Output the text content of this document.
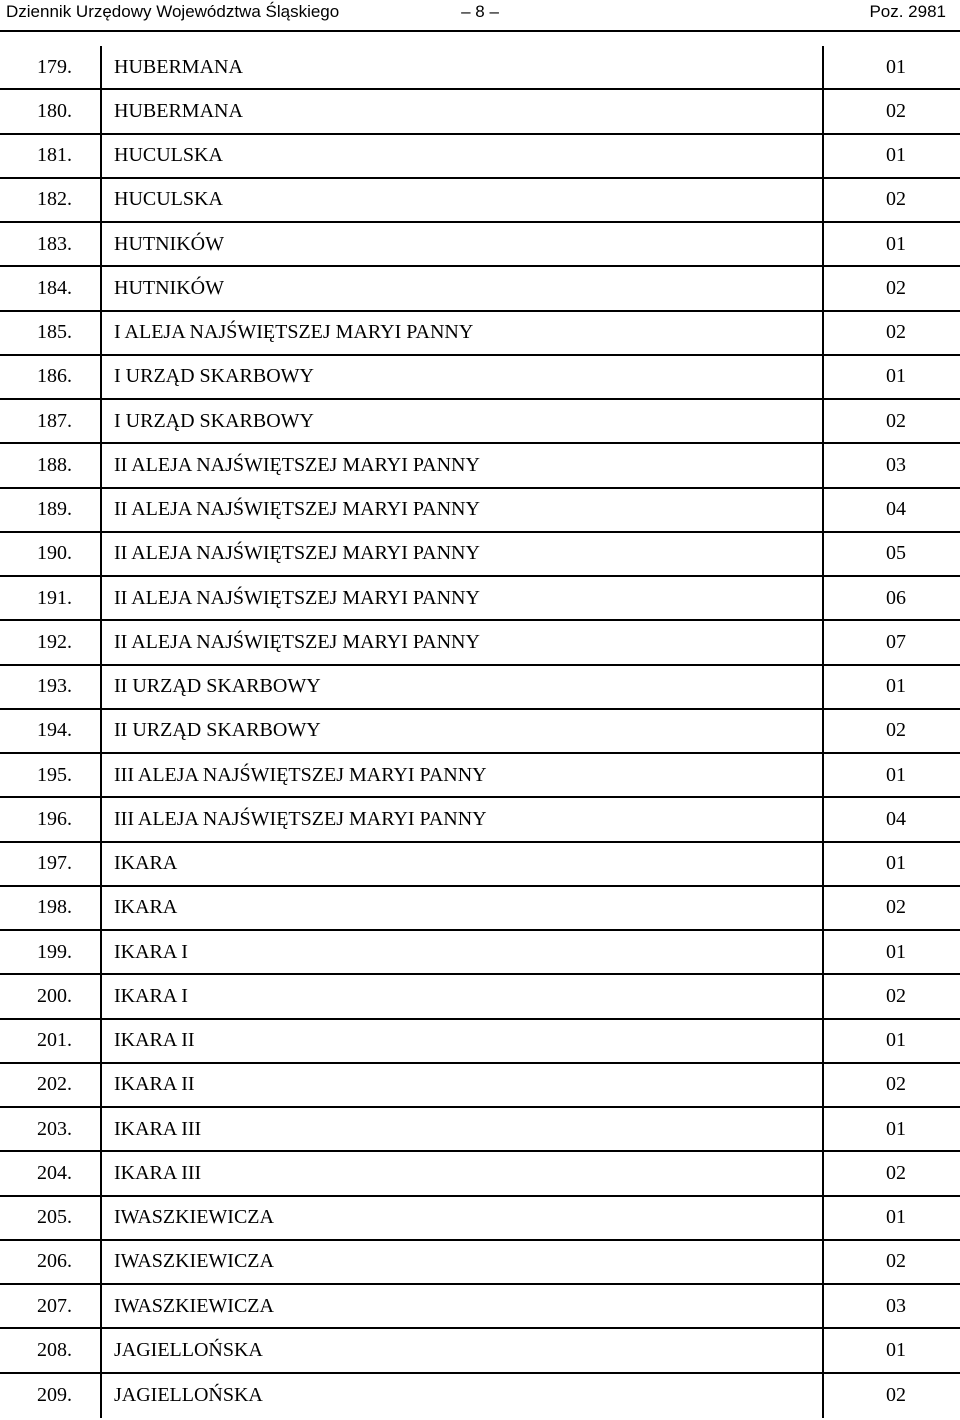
– 8 –
Dziennik Urzędowy Województwa Śląskiego	Poz. 2981
179.	HUBERMANA	01
180.	HUBERMANA	02
181.	HUCULSKA	01
182.	HUCULSKA	02
183.	HUTNIKÓW	01
184.	HUTNIKÓW	02
185.	I ALEJA NAJŚWIĘTSZEJ MARYI PANNY	02
186.	I URZĄD SKARBOWY	01
187.	I URZĄD SKARBOWY	02
188.	II ALEJA NAJŚWIĘTSZEJ MARYI PANNY	03
189.	II ALEJA NAJŚWIĘTSZEJ MARYI PANNY	04
190.	II ALEJA NAJŚWIĘTSZEJ MARYI PANNY	05
191.	II ALEJA NAJŚWIĘTSZEJ MARYI PANNY	06
192.	II ALEJA NAJŚWIĘTSZEJ MARYI PANNY	07
193.	II URZĄD SKARBOWY	01
194.	II URZĄD SKARBOWY	02
195.	III ALEJA NAJŚWIĘTSZEJ MARYI PANNY	01
196.	III ALEJA NAJŚWIĘTSZEJ MARYI PANNY	04
197.	IKARA	01
198.	IKARA	02
199.	IKARA I	01
200.	IKARA I	02
201.	IKARA II	01
202.	IKARA II	02
203.	IKARA III	01
204.	IKARA III	02
205.	IWASZKIEWICZA	01
206.	IWASZKIEWICZA	02
207.	IWASZKIEWICZA	03
208.	JAGIELLOŃSKA	01
209.	JAGIELLOŃSKA	02
